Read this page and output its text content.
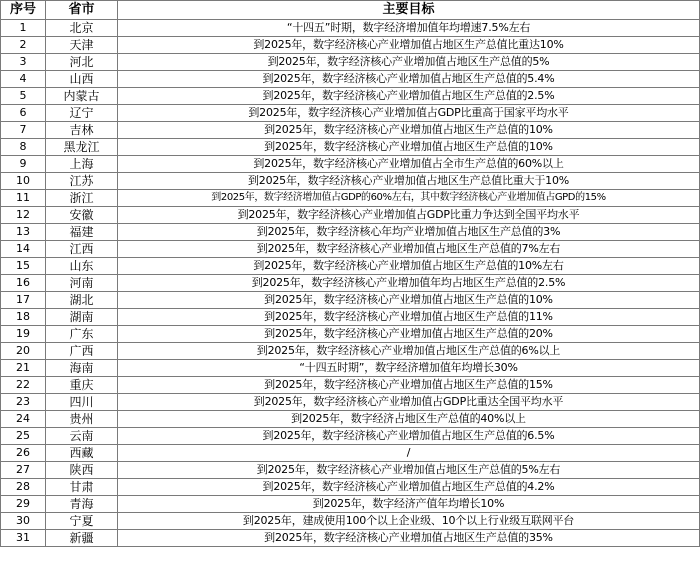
序号	省市	主要目标
1	北京	“十四五”时期，数字经济增加值年均增速7.5%左右
2	天津	到2025年，数字经济核心产业增加值占地区生产总值比重达10%
3	河北	到2025年，数字经济核心产业增加值占地区生产总值的5%
4	山西	到2025年，数字经济核心产业增加值占地区生产总值的5.4%
5	内蒙古	到2025年，数字经济核心产业增加值占地区生产总值的2.5%
6	辽宁	到2025年，数字经济核心产业增加值占GDP比重高于国家平均水平
7	吉林	到2025年，数字经济核心产业增加值占地区生产总值的10%
8	黑龙江	到2025年，数字经济核心产业增加值占地区生产总值的10%
9	上海	到2025年，数字经济核心产业增加值占全市生产总值的60%以上
10	江苏	到2025年，数字经济核心产业增加值占地区生产总值比重大于10%
11	浙江	到2025年，数字经济增加值占GDP的60%左右，其中数字经济核心产业增加值占GPD的15%
12	安徽	到2025年，数字经济核心产业增加值占GDP比重力争达到全国平均水平
13	福建	到2025年，数字经济核心年均产业增加值占地区生产总值的3%
14	江西	到2025年，数字经济核心产业增加值占地区生产总值的7%左右
15	山东	到2025年，数字经济核心产业增加值占地区生产总值的10%左右
16	河南	到2025年，数字经济核心产业增加值年均占地区生产总值的2.5%
17	湖北	到2025年，数字经济核心产业增加值占地区生产总值的10%
18	湖南	到2025年，数字经济核心产业增加值占地区生产总值的11%
19	广东	到2025年，数字经济核心产业增加值占地区生产总值的20%
20	广西	到2025年，数字经济核心产业增加值占地区生产总值的6%以上
21	海南	“十四五时期”，数字经济增加值年均增长30%
22	重庆	到2025年，数字经济核心产业增加值占地区生产总值的15%
23	四川	到2025年，数字经济核心产业增加值占GDP比重达全国平均水平
24	贵州	到2025年，数字经济占地区生产总值的40%以上
25	云南	到2025年，数字经济核心产业增加值占地区生产总值的6.5%
26	西藏	/
27	陕西	到2025年，数字经济核心产业增加值占地区生产总值的5%左右
28	甘肃	到2025年，数字经济核心产业增加值占地区生产总值的4.2%
29	青海	到2025年，数字经济产值年均增长10%
30	宁夏	到2025年，建成使用100个以上企业级、10个以上行业级互联网平台
31	新疆	到2025年，数字经济核心产业增加值占地区生产总值的35%
